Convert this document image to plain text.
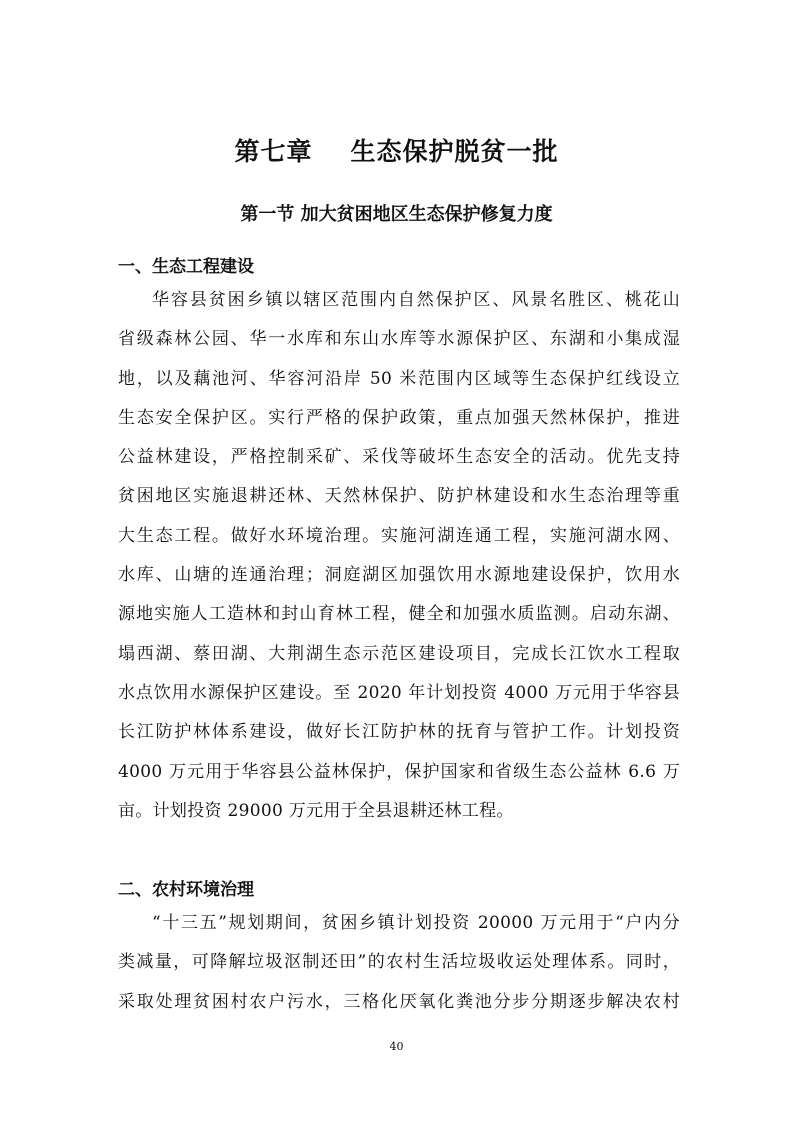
第七章 生态保护脱贫一批
第一节 加大贫困地区生态保护修复力度
一、生态工程建设
华容县贫困乡镇以辖区范围内自然保护区、风景名胜区、桃花山
省级森林公园、华一水库和东山水库等水源保护区、东湖和小集成湿
地，以及藕池河、华容河沿岸 50 米范围内区域等生态保护红线设立
生态安全保护区。实行严格的保护政策，重点加强天然林保护，推进
公益林建设，严格控制采矿、采伐等破坏生态安全的活动。优先支持
贫困地区实施退耕还林、天然林保护、防护林建设和水生态治理等重
大生态工程。做好水环境治理。实施河湖连通工程，实施河湖水网、
水库、山塘的连通治理；洞庭湖区加强饮用水源地建设保护，饮用水
源地实施人工造林和封山育林工程，健全和加强水质监测。启动东湖、
塌西湖、蔡田湖、大荆湖生态示范区建设项目，完成长江饮水工程取
水点饮用水源保护区建设。至 2020 年计划投资 4000 万元用于华容县
长江防护林体系建设，做好长江防护林的抚育与管护工作。计划投资
4000 万元用于华容县公益林保护，保护国家和省级生态公益林 6.6 万
亩。计划投资 29000 万元用于全县退耕还林工程。
二、农村环境治理
“十三五”规划期间，贫困乡镇计划投资 20000 万元用于“户内分
类减量，可降解垃圾沤制还田”的农村生活垃圾收运处理体系。同时，
采取处理贫困村农户污水，三格化厌氧化粪池分步分期逐步解决农村
40
